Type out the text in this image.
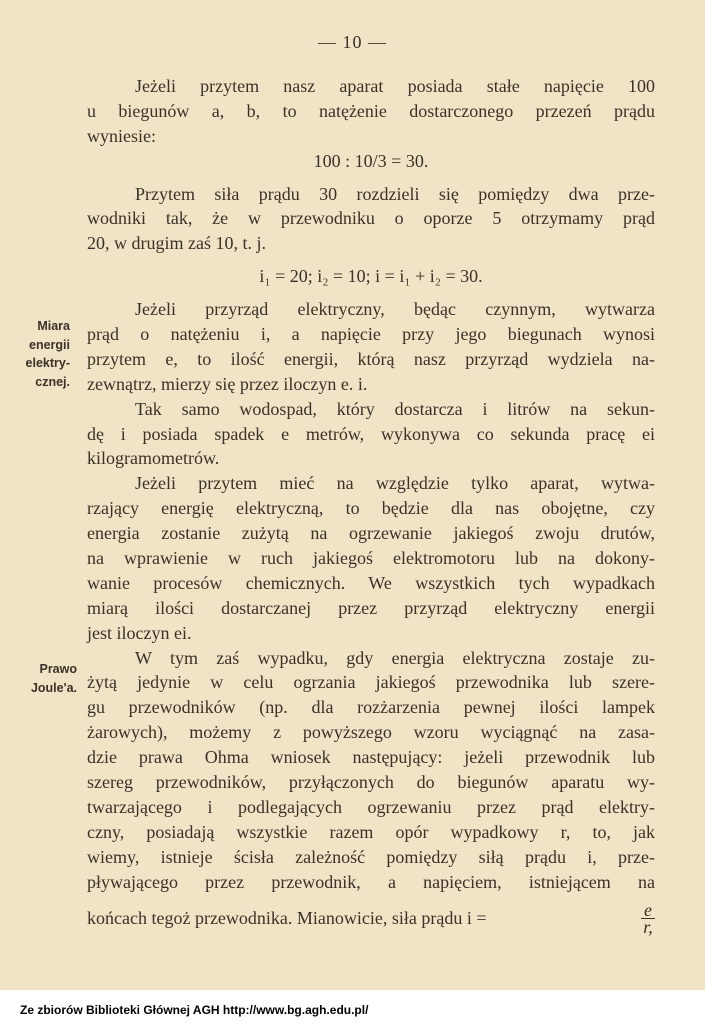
— 10 —
Miara
energii
elektry-
cznej.
Prawo
Joule'a.
Jeżeli przytem nasz aparat posiada stałe napięcie 100
u biegunów a, b, to natężenie dostarczonego przezeń prądu
wyniesie:
100 : 10/3 = 30.
Przytem siła prądu 30 rozdzieli się pomiędzy dwa prze-
wodniki tak, że w przewodniku o oporze 5 otrzymamy prąd
20, w drugim zaś 10, t. j.
i₁ = 20; i₂ = 10; i = i₁ + i₂ = 30.
Jeżeli przyrząd elektryczny, będąc czynnym, wytwarza
prąd o natężeniu i, a napięcie przy jego biegunach wynosi
przytem e, to ilość energii, którą nasz przyrząd wydziela na-
zewnątrz, mierzy się przez iloczyn e. i.
Tak samo wodospad, który dostarcza i litrów na sekun-
dę i posiada spadek e metrów, wykonywa co sekunda pracę ei
kilogramometrów.
Jeżeli przytem mieć na względzie tylko aparat, wytwa-
rzający energię elektryczną, to będzie dla nas obojętne, czy
energia zostanie zużytą na ogrzewanie jakiegoś zwoju drutów,
na wprawienie w ruch jakiegoś elektromotoru lub na dokony-
wanie procesów chemicznych. We wszystkich tych wypadkach
miarą ilości dostarczanej przez przyrząd elektryczny energii
jest iloczyn ei.
W tym zaś wypadku, gdy energia elektryczna zostaje zu-
żytą jedynie w celu ogrzania jakiegoś przewodnika lub szere-
gu przewodników (np. dla rozżarzenia pewnej ilości lampek
żarowych), możemy z powyższego wzoru wyciągnąć na zasa-
dzie prawa Ohma wniosek następujący: jeżeli przewodnik lub
szereg przewodników, przyłączonych do biegunów aparatu wy-
twarzającego i podlegających ogrzewaniu przez prąd elektry-
czny, posiadają wszystkie razem opór wypadkowy r, to, jak
wiemy, istnieje ścisła zależność pomiędzy siłą prądu i, prze-
pływającego przez przewodnik, a napięciem, istniejącem na
końcach tegoż przewodnika. Mianowicie, siła prądu i =	$\frac{e}{r,}$
Ze zbiorów Biblioteki Głównej AGH http://www.bg.agh.edu.pl/
